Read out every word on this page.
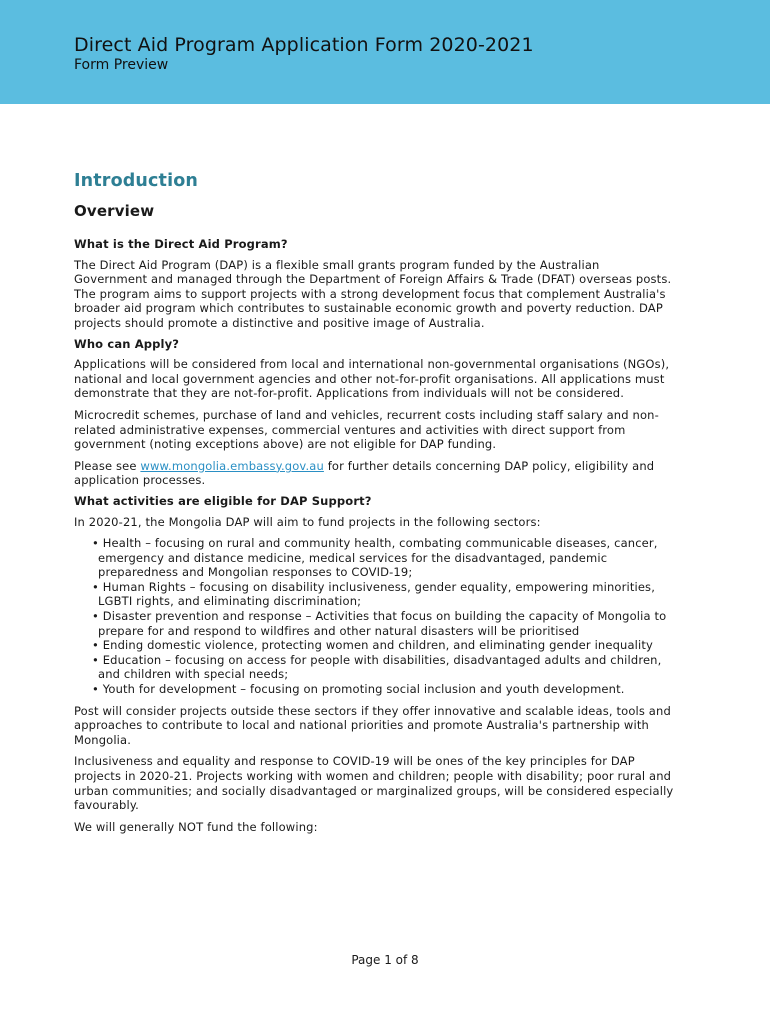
Direct Aid Program Application Form 2020-2021
Form Preview
Introduction
Overview
What is the Direct Aid Program?

The Direct Aid Program (DAP) is a flexible small grants program funded by the Australian Government and managed through the Department of Foreign Affairs & Trade (DFAT) overseas posts. The program aims to support projects with a strong development focus that complement Australia's broader aid program which contributes to sustainable economic growth and poverty reduction. DAP projects should promote a distinctive and positive image of Australia.

Who can Apply?

Applications will be considered from local and international non-governmental organisations (NGOs), national and local government agencies and other not-for-profit organisations. All applications must demonstrate that they are not-for-profit. Applications from individuals will not be considered.

Microcredit schemes, purchase of land and vehicles, recurrent costs including staff salary and non-related administrative expenses, commercial ventures and activities with direct support from government (noting exceptions above) are not eligible for DAP funding.

Please see www.mongolia.embassy.gov.au for further details concerning DAP policy, eligibility and application processes.

What activities are eligible for DAP Support?

In 2020-21, the Mongolia DAP will aim to fund projects in the following sectors:

• Health – focusing on rural and community health, combating communicable diseases, cancer, emergency and distance medicine, medical services for the disadvantaged, pandemic preparedness and Mongolian responses to COVID-19;
• Human Rights – focusing on disability inclusiveness, gender equality, empowering minorities, LGBTI rights, and eliminating discrimination;
• Disaster prevention and response – Activities that focus on building the capacity of Mongolia to prepare for and respond to wildfires and other natural disasters will be prioritised
• Ending domestic violence, protecting women and children, and eliminating gender inequality
• Education – focusing on access for people with disabilities, disadvantaged adults and children, and children with special needs;
• Youth for development – focusing on promoting social inclusion and youth development.

Post will consider projects outside these sectors if they offer innovative and scalable ideas, tools and approaches to contribute to local and national priorities and promote Australia's partnership with Mongolia.

Inclusiveness and equality and response to COVID-19 will be ones of the key principles for DAP projects in 2020-21. Projects working with women and children; people with disability; poor rural and urban communities; and socially disadvantaged or marginalized groups, will be considered especially favourably.

We will generally NOT fund the following:

Page 1 of 8
